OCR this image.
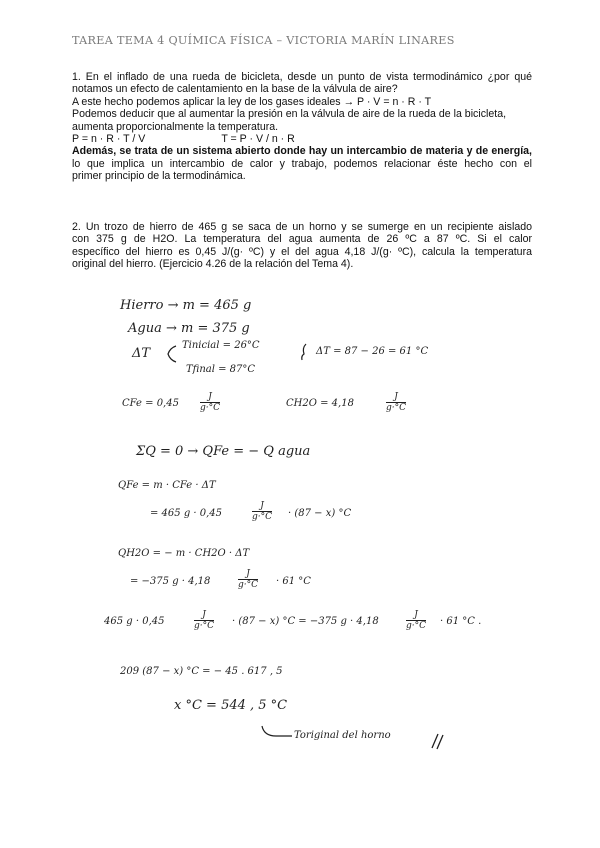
TAREA TEMA 4 QUÍMICA FÍSICA – VICTORIA MARÍN LINARES
1. En el inflado de una rueda de bicicleta, desde un punto de vista termodinámico ¿por qué
notamos un efecto de calentamiento en la base de la válvula de aire?
A este hecho podemos aplicar la ley de los gases ideales → P · V = n · R · T
Podemos deducir que al aumentar la presión en la válvula de aire de la rueda de la bicicleta,
aumenta proporcionalmente la temperatura.
P = n · R · T / V	T = P · V / n · R
Además, se trata de un sistema abierto donde hay un intercambio de materia y de energía,
lo que implica un intercambio de calor y trabajo, podemos relacionar éste hecho con el
primer principio de la termodinámica.
2. Un trozo de hierro de 465 g se saca de un horno y se sumerge en un recipiente aislado
con 375 g de H2O. La temperatura del agua aumenta de 26 ºC a 87 ºC. Si el calor
específico del hierro es 0,45 J/(g· ºC) y el del agua 4,18 J/(g· ºC), calcula la temperatura
original del hierro. (Ejercicio 4.26 de la relación del Tema 4).
Hierro → m = 465 g
Agua → m = 375 g
ΔT
Tinicial = 26°C
Tfinal = 87°C
ΔT = 87 − 26 = 61 °C
CFe = 0,45
J
g·°C	CH2O = 4,18
J
g·°C
ΣQ = 0 → QFe = − Q agua
QFe = m · CFe · ΔT
= 465 g · 0,45
J
g·°C · (87 − x) °C
QH2O = − m · CH2O · ΔT
= −375 g · 4,18
J
g·°C · 61 °C
465 g · 0,45
J
g·°C · (87 − x) °C = −375 g · 4,18
J
g·°C · 61 °C .
209 (87 − x) °C = − 45 . 617 , 5
x °C = 544 , 5 °C
Toriginal del horno
